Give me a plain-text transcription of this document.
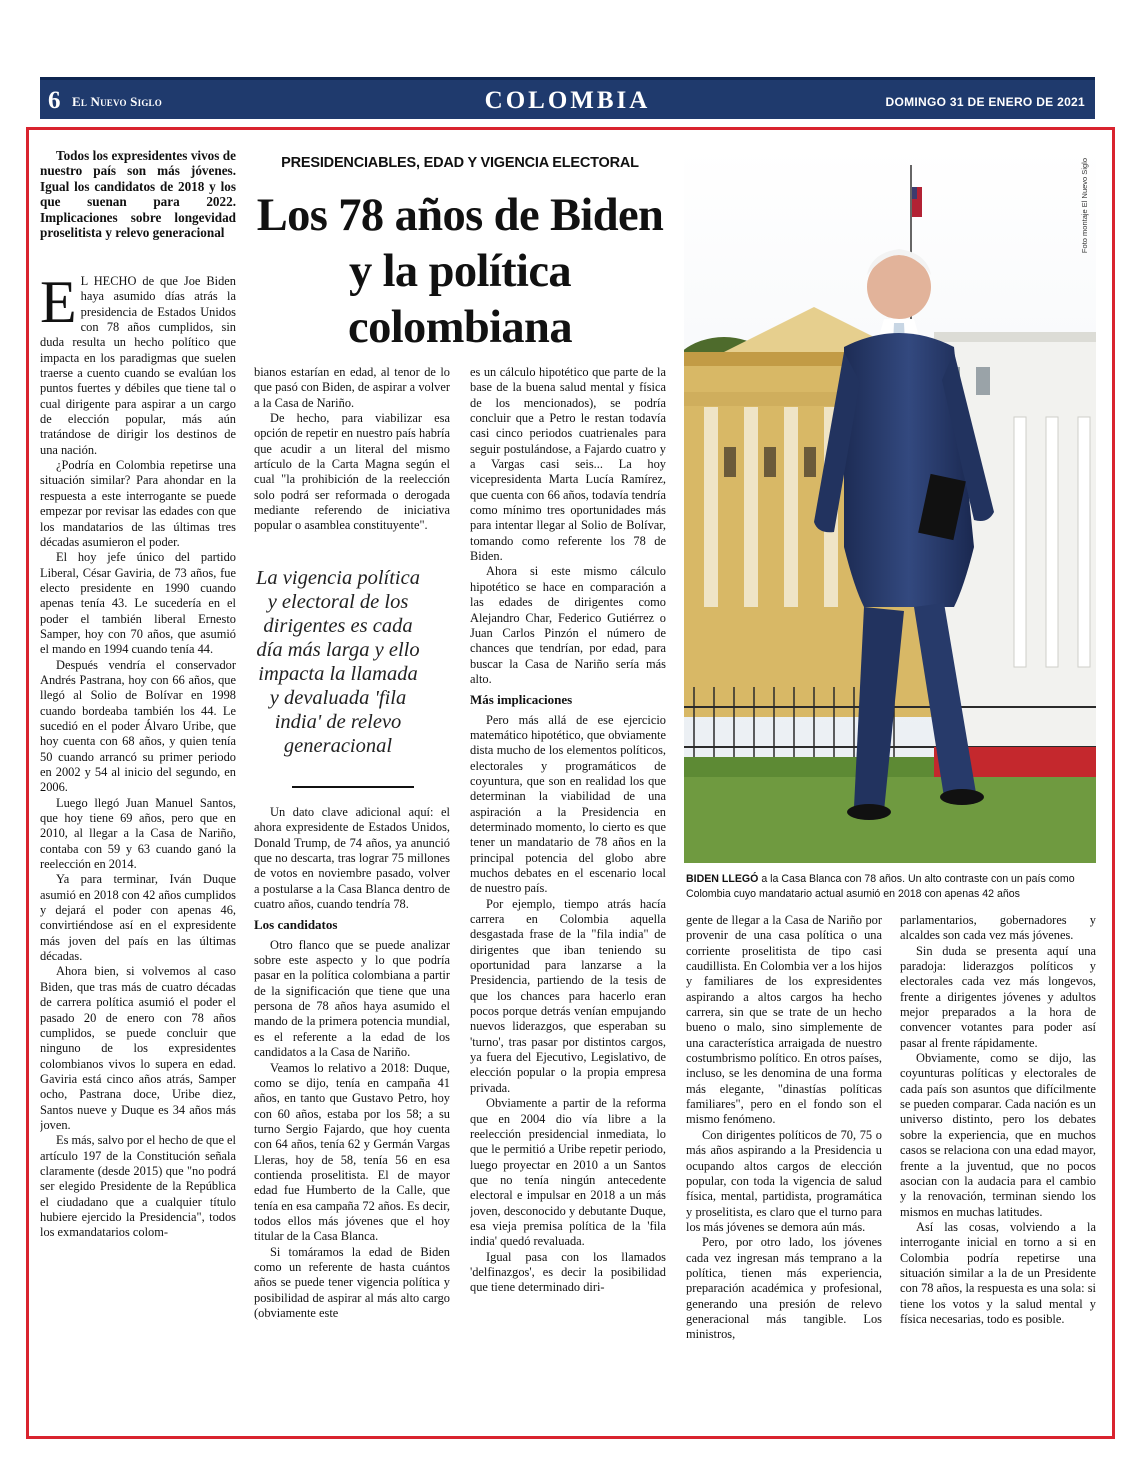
6 El Nuevo Siglo	COLOMBIA	DOMINGO 31 DE ENERO DE 2021

Todos los expresidentes vivos de nuestro país son más jóvenes. Igual los candidatos de 2018 y los que suenan para 2022. Implicaciones sobre longevidad proselitista y relevo generacional

E L HECHO de que Joe Biden haya asumido días atrás la presidencia de Estados Unidos con 78 años cumplidos, sin duda resulta un hecho político que impacta en los paradigmas que suelen traerse a cuento cuando se evalúan los puntos fuertes y débiles que tiene tal o cual dirigente para aspirar a un cargo de elección popular, más aún tratándose de dirigir los destinos de una nación.

¿Podría en Colombia repetirse una situación similar? Para ahondar en la respuesta a este interrogante se puede empezar por revisar las edades con que los mandatarios de las últimas tres décadas asumieron el poder.

El hoy jefe único del partido Liberal, César Gaviria, de 73 años, fue electo presidente en 1990 cuando apenas tenía 43. Le sucedería en el poder el también liberal Ernesto Samper, hoy con 70 años, que asumió el mando en 1994 cuando tenía 44.

Después vendría el conservador Andrés Pastrana, hoy con 66 años, que llegó al Solio de Bolívar en 1998 cuando bordeaba también los 44. Le sucedió en el poder Álvaro Uribe, que hoy cuenta con 68 años, y quien tenía 50 cuando arrancó su primer periodo en 2002 y 54 al inicio del segundo, en 2006.

Luego llegó Juan Manuel Santos, que hoy tiene 69 años, pero que en 2010, al llegar a la Casa de Nariño, contaba con 59 y 63 cuando ganó la reelección en 2014.

Ya para terminar, Iván Duque asumió en 2018 con 42 años cumplidos y dejará el poder con apenas 46, convirtiéndose así en el expresidente más joven del país en las últimas décadas.

Ahora bien, si volvemos al caso Biden, que tras más de cuatro décadas de carrera política asumió el poder el pasado 20 de enero con 78 años cumplidos, se puede concluir que ninguno de los expresidentes colombianos vivos lo supera en edad. Gaviria está cinco años atrás, Samper ocho, Pastrana doce, Uribe diez, Santos nueve y Duque es 34 años más joven.

Es más, salvo por el hecho de que el artículo 197 de la Constitución señala claramente (desde 2015) que "no podrá ser elegido Presidente de la República el ciudadano que a cualquier título hubiere ejercido la Presidencia", todos los exmandatarios colom-

PRESIDENCIABLES, EDAD Y VIGENCIA ELECTORAL
Los 78 años de Biden y la política colombiana

bianos estarían en edad, al tenor de lo que pasó con Biden, de aspirar a volver a la Casa de Nariño.

De hecho, para viabilizar esa opción de repetir en nuestro país habría que acudir a un literal del mismo artículo de la Carta Magna según el cual "la prohibición de la reelección solo podrá ser reformada o derogada mediante referendo de iniciativa popular o asamblea constituyente".

La vigencia política y electoral de los dirigentes es cada día más larga y ello impacta la llamada y devaluada 'fila india' de relevo generacional

Un dato clave adicional aquí: el ahora expresidente de Estados Unidos, Donald Trump, de 74 años, ya anunció que no descarta, tras lograr 75 millones de votos en noviembre pasado, volver a postularse a la Casa Blanca dentro de cuatro años, cuando tendría 78.

Los candidatos

Otro flanco que se puede analizar sobre este aspecto y lo que podría pasar en la política colombiana a partir de la significación que tiene que una persona de 78 años haya asumido el mando de la primera potencia mundial, es el referente a la edad de los candidatos a la Casa de Nariño.

Veamos lo relativo a 2018: Duque, como se dijo, tenía en campaña 41 años, en tanto que Gustavo Petro, hoy con 60 años, estaba por los 58; a su turno Sergio Fajardo, que hoy cuenta con 64 años, tenía 62 y Germán Vargas Lleras, hoy de 58, tenía 56 en esa contienda proselitista. El de mayor edad fue Humberto de la Calle, que tenía en esa campaña 72 años. Es decir, todos ellos más jóvenes que el hoy titular de la Casa Blanca.

Si tomáramos la edad de Biden como un referente de hasta cuántos años se puede tener vigencia política y posibilidad de aspirar al más alto cargo (obviamente este

es un cálculo hipotético que parte de la base de la buena salud mental y física de los mencionados), se podría concluir que a Petro le restan todavía casi cinco periodos cuatrienales para seguir postulándose, a Fajardo cuatro y a Vargas casi seis... La hoy vicepresidenta Marta Lucía Ramírez, que cuenta con 66 años, todavía tendría como mínimo tres oportunidades más para intentar llegar al Solio de Bolívar, tomando como referente los 78 de Biden.

Ahora si este mismo cálculo hipotético se hace en comparación a las edades de dirigentes como Alejandro Char, Federico Gutiérrez o Juan Carlos Pinzón el número de chances que tendrían, por edad, para buscar la Casa de Nariño sería más alto.

Más implicaciones

Pero más allá de ese ejercicio matemático hipotético, que obviamente dista mucho de los elementos políticos, electorales y programáticos de coyuntura, que son en realidad los que determinan la viabilidad de una aspiración a la Presidencia en determinado momento, lo cierto es que tener un mandatario de 78 años en la principal potencia del globo abre muchos debates en el escenario local de nuestro país.

Por ejemplo, tiempo atrás hacía carrera en Colombia aquella desgastada frase de la "fila india" de dirigentes que iban teniendo su oportunidad para lanzarse a la Presidencia, partiendo de la tesis de que los chances para hacerlo eran pocos porque detrás venían empujando nuevos liderazgos, que esperaban su 'turno', tras pasar por distintos cargos, ya fuera del Ejecutivo, Legislativo, de elección popular o la propia empresa privada.

Obviamente a partir de la reforma que en 2004 dio vía libre a la reelección presidencial inmediata, lo que le permitió a Uribe repetir periodo, luego proyectar en 2010 a un Santos que no tenía ningún antecedente electoral e impulsar en 2018 a un más joven, desconocido y debutante Duque, esa vieja premisa política de la 'fila india' quedó revaluada.

Igual pasa con los llamados 'delfinazgos', es decir la posibilidad que tiene determinado diri-

Foto montaje El Nuevo Siglo
BIDEN LLEGÓ a la Casa Blanca con 78 años. Un alto contraste con un país como Colombia cuyo mandatario actual asumió en 2018 con apenas 42 años

gente de llegar a la Casa de Nariño por provenir de una casa política o una corriente proselitista de tipo casi caudillista. En Colombia ver a los hijos y familiares de los expresidentes aspirando a altos cargos ha hecho carrera, sin que se trate de un hecho bueno o malo, sino simplemente de una característica arraigada de nuestro costumbrismo político. En otros países, incluso, se les denomina de una forma más elegante, "dinastías políticas familiares", pero en el fondo son el mismo fenómeno.

Con dirigentes políticos de 70, 75 o más años aspirando a la Presidencia u ocupando altos cargos de elección popular, con toda la vigencia de salud física, mental, partidista, programática y proselitista, es claro que el turno para los más jóvenes se demora aún más.

Pero, por otro lado, los jóvenes cada vez ingresan más temprano a la política, tienen más experiencia, preparación académica y profesional, generando una presión de relevo generacional más tangible. Los ministros,

parlamentarios, gobernadores y alcaldes son cada vez más jóvenes.

Sin duda se presenta aquí una paradoja: liderazgos políticos y electorales cada vez más longevos, frente a dirigentes jóvenes y adultos mejor preparados a la hora de convencer votantes para poder así pasar al frente rápidamente.

Obviamente, como se dijo, las coyunturas políticas y electorales de cada país son asuntos que difícilmente se pueden comparar. Cada nación es un universo distinto, pero los debates sobre la experiencia, que en muchos casos se relaciona con una edad mayor, frente a la juventud, que no pocos asocian con la audacia para el cambio y la renovación, terminan siendo los mismos en muchas latitudes.

Así las cosas, volviendo a la interrogante inicial en torno a si en Colombia podría repetirse una situación similar a la de un Presidente con 78 años, la respuesta es una sola: si tiene los votos y la salud mental y física necesarias, todo es posible.
